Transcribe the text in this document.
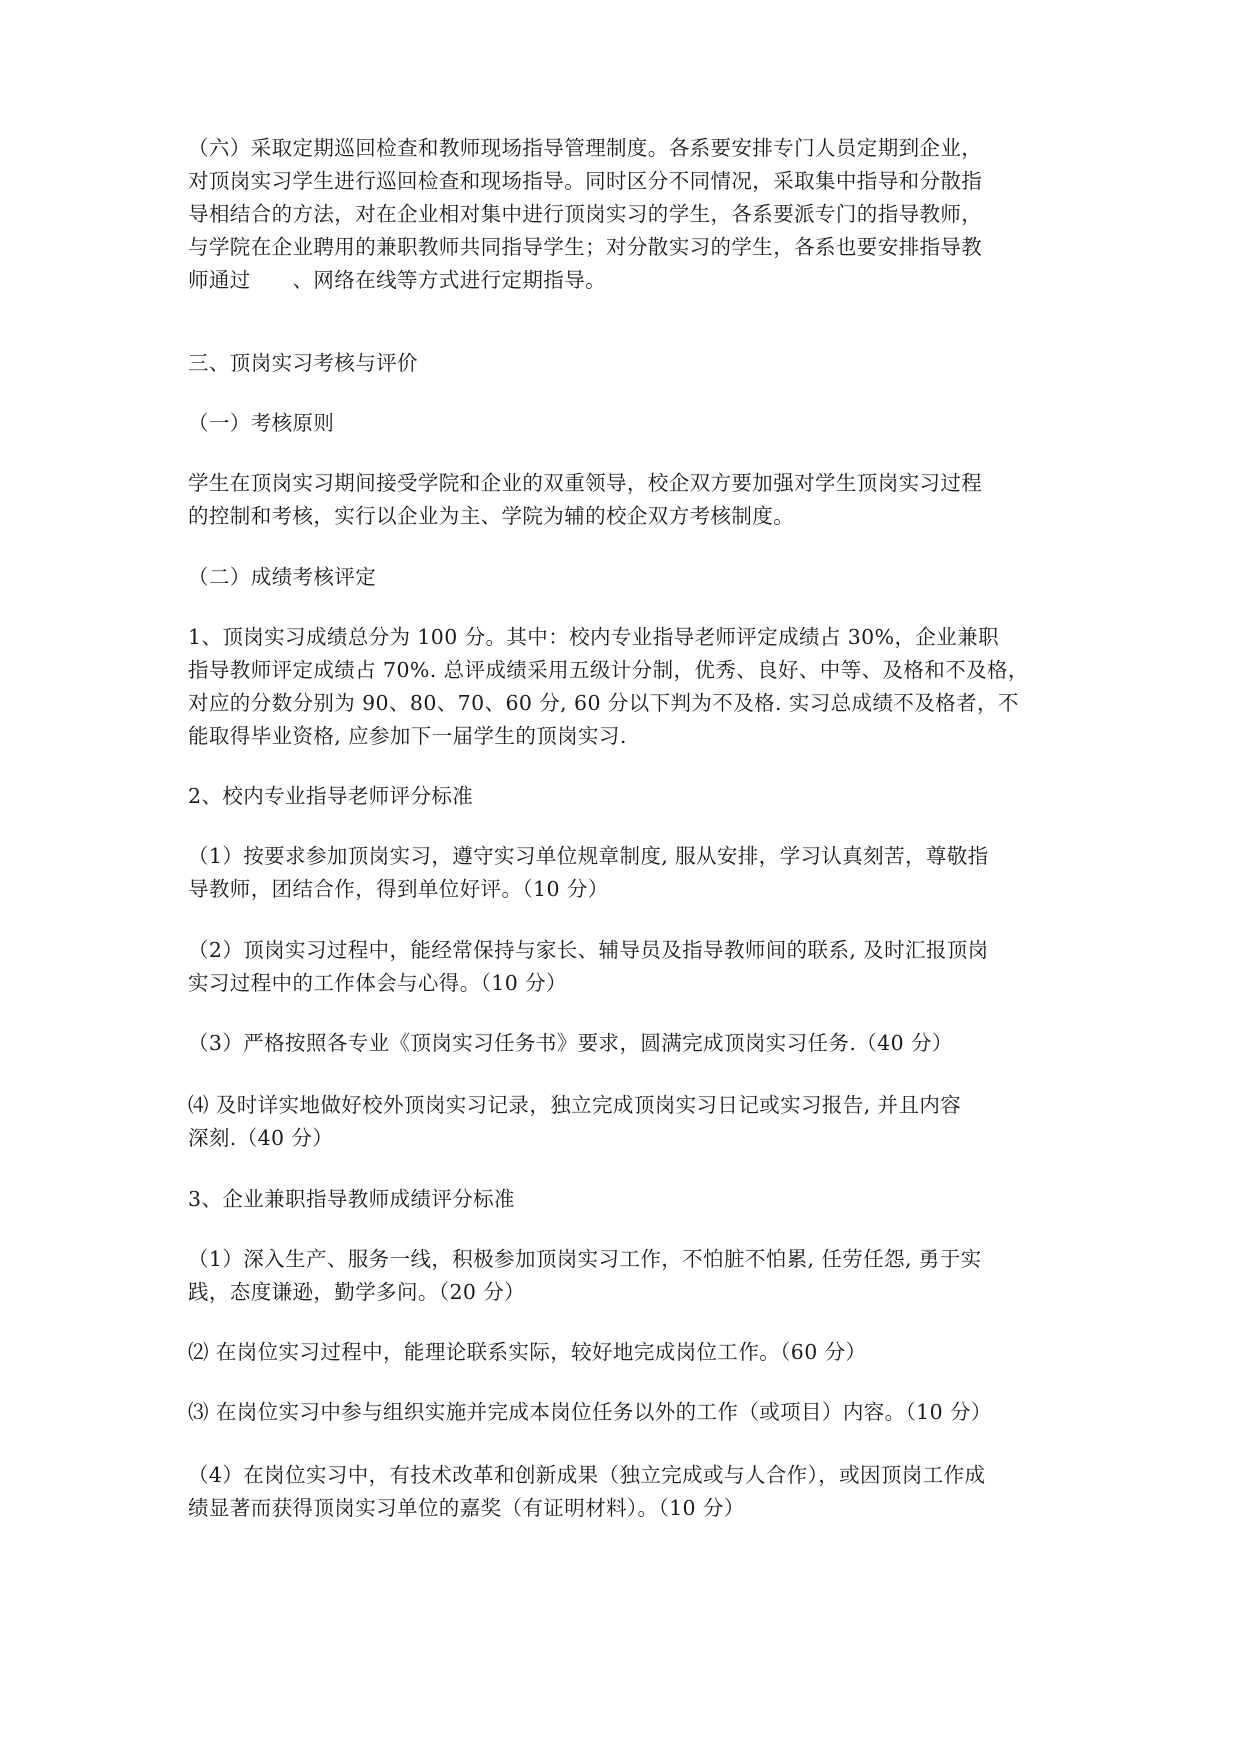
（六）采取定期巡回检查和教师现场指导管理制度。各系要安排专门人员定期到企业，
对顶岗实习学生进行巡回检查和现场指导。同时区分不同情况，采取集中指导和分散指
导相结合的方法，对在企业相对集中进行顶岗实习的学生，各系要派专门的指导教师，
与学院在企业聘用的兼职教师共同指导学生；对分散实习的学生，各系也要安排指导教
师通过　　、网络在线等方式进行定期指导。
三、顶岗实习考核与评价
（一）考核原则
学生在顶岗实习期间接受学院和企业的双重领导，校企双方要加强对学生顶岗实习过程
的控制和考核，实行以企业为主、学院为辅的校企双方考核制度。
（二）成绩考核评定
1、顶岗实习成绩总分为 100 分。其中：校内专业指导老师评定成绩占 30%，企业兼职
指导教师评定成绩占 70%. 总评成绩采用五级计分制，优秀、良好、中等、及格和不及格，
对应的分数分别为 90、80、70、60 分, 60 分以下判为不及格. 实习总成绩不及格者，不
能取得毕业资格, 应参加下一届学生的顶岗实习.
2、校内专业指导老师评分标准
（1）按要求参加顶岗实习，遵守实习单位规章制度, 服从安排，学习认真刻苦，尊敬指
导教师，团结合作，得到单位好评。（10 分）
（2）顶岗实习过程中，能经常保持与家长、辅导员及指导教师间的联系, 及时汇报顶岗
实习过程中的工作体会与心得。（10 分）
（3）严格按照各专业《顶岗实习任务书》要求，圆满完成顶岗实习任务.（40 分）
⑷ 及时详实地做好校外顶岗实习记录，独立完成顶岗实习日记或实习报告, 并且内容
深刻.（40 分）
3、企业兼职指导教师成绩评分标准
（1）深入生产、服务一线，积极参加顶岗实习工作，不怕脏不怕累, 任劳任怨, 勇于实
践，态度谦逊，勤学多问。（20 分）
⑵ 在岗位实习过程中，能理论联系实际，较好地完成岗位工作。（60 分）
⑶ 在岗位实习中参与组织实施并完成本岗位任务以外的工作（或项目）内容。（10 分）
（4）在岗位实习中，有技术改革和创新成果（独立完成或与人合作），或因顶岗工作成
绩显著而获得顶岗实习单位的嘉奖（有证明材料）。（10 分）
